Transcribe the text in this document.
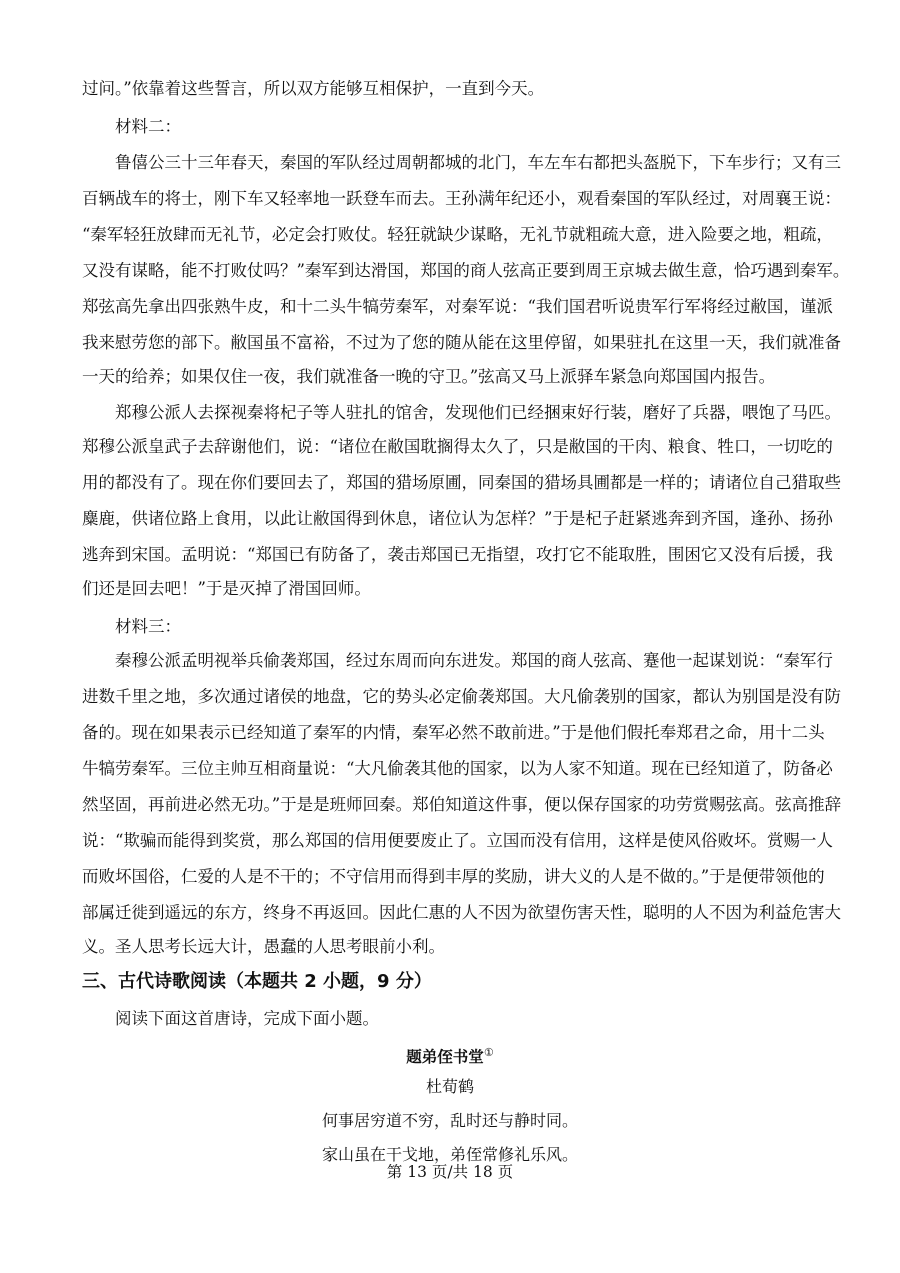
过问。”依靠着这些誓言，所以双方能够互相保护，一直到今天。
材料二：
鲁僖公三十三年春天，秦国的军队经过周朝都城的北门，车左车右都把头盔脱下，下车步行；又有三
百辆战车的将士，刚下车又轻率地一跃登车而去。王孙满年纪还小，观看秦国的军队经过，对周襄王说：
“秦军轻狂放肆而无礼节，必定会打败仗。轻狂就缺少谋略，无礼节就粗疏大意，进入险要之地，粗疏，
又没有谋略，能不打败仗吗？”秦军到达滑国，郑国的商人弦高正要到周王京城去做生意，恰巧遇到秦军。
郑弦高先拿出四张熟牛皮，和十二头牛犒劳秦军，对秦军说：“我们国君听说贵军行军将经过敝国，谨派
我来慰劳您的部下。敝国虽不富裕，不过为了您的随从能在这里停留，如果驻扎在这里一天，我们就准备
一天的给养；如果仅住一夜，我们就准备一晚的守卫。”弦高又马上派驿车紧急向郑国国内报告。
郑穆公派人去探视秦将杞子等人驻扎的馆舍，发现他们已经捆束好行装，磨好了兵器，喂饱了马匹。
郑穆公派皇武子去辞谢他们，说：“诸位在敝国耽搁得太久了，只是敝国的干肉、粮食、牲口，一切吃的
用的都没有了。现在你们要回去了，郑国的猎场原圃，同秦国的猎场具圃都是一样的；请诸位自己猎取些
麋鹿，供诸位路上食用，以此让敝国得到休息，诸位认为怎样？”于是杞子赶紧逃奔到齐国，逢孙、扬孙
逃奔到宋国。孟明说：“郑国已有防备了，袭击郑国已无指望，攻打它不能取胜，围困它又没有后援，我
们还是回去吧！”于是灭掉了滑国回师。
材料三：
秦穆公派孟明视举兵偷袭郑国，经过东周而向东进发。郑国的商人弦高、蹇他一起谋划说：“秦军行
进数千里之地，多次通过诸侯的地盘，它的势头必定偷袭郑国。大凡偷袭别的国家，都认为别国是没有防
备的。现在如果表示已经知道了秦军的内情，秦军必然不敢前进。”于是他们假托奉郑君之命，用十二头
牛犒劳秦军。三位主帅互相商量说：“大凡偷袭其他的国家，以为人家不知道。现在已经知道了，防备必
然坚固，再前进必然无功。”于是是班师回秦。郑伯知道这件事，便以保存国家的功劳赏赐弦高。弦高推辞
说：“欺骗而能得到奖赏，那么郑国的信用便要废止了。立国而没有信用，这样是使风俗败坏。赏赐一人
而败坏国俗，仁爱的人是不干的；不守信用而得到丰厚的奖励，讲大义的人是不做的。”于是便带领他的
部属迁徙到遥远的东方，终身不再返回。因此仁惠的人不因为欲望伤害天性，聪明的人不因为利益危害大
义。圣人思考长远大计，愚蠢的人思考眼前小利。
三、古代诗歌阅读（本题共 2 小题，9 分）
阅读下面这首唐诗，完成下面小题。
题弟侄书堂①
杜荀鹤
何事居穷道不穷，乱时还与静时同。
家山虽在干戈地，弟侄常修礼乐风。
第 13 页/共 18 页
